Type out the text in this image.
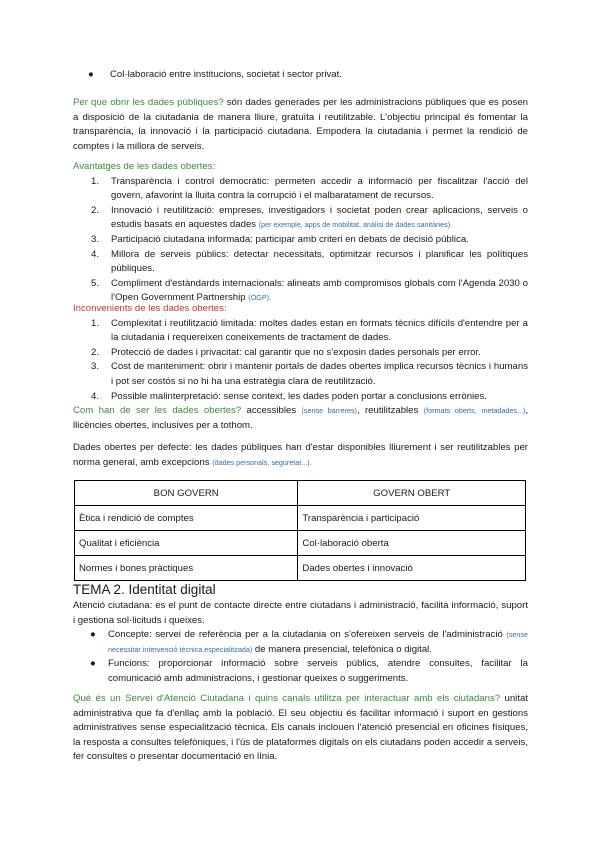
● Col·laboració entre institucions, societat i sector privat.

Per que obrir les dades públiques? són dades generades per les administracions públiques que es posen a disposició de la ciutadania de manera lliure, gratuïta i reutilitzable. L'objectiu principal és fomentar la transparència, la innovació i la participació ciutadana. Empodera la ciutadania i permet la rendició de comptes i la millora de serveis.

Avantatges de les dades obertes:

1. Transparència i control democràtic: permeten accedir a informació per fiscalitzar l'acció del govern, afavorint la lluita contra la corrupció i el malbaratament de recursos.
2. Innovació i reutilització: empreses, investigadors i societat poden crear aplicacions, serveis o estudis basats en aquestes dades (per exemple, apps de mobilitat, anàlisi de dades sanitàries).
3. Participació ciutadana informada: participar amb criteri en debats de decisió pública.
4. Millora de serveis públics: detectar necessitats, optimitzar recursos i planificar les polítiques públiques.
5. Compliment d'estàndards internacionals: alineats amb compromisos globals com l'Agenda 2030 o l'Open Government Partnership (OGP).

Inconvenients de les dades obertes:

1. Complexitat i reutilització limitada: moltes dades estan en formats tècnics difícils d'entendre per a la ciutadania i requereixen coneixements de tractament de dades.
2. Protecció de dades i privacitat: cal garantir que no s'exposin dades personals per error.
3. Cost de manteniment: obrir i mantenir portals de dades obertes implica recursos tècnics i humans i pot ser costós si no hi ha una estratègia clara de reutilització.
4. Possible malinterpretació: sense context, les dades poden portar a conclusions errònies.

Com han de ser les dades obertes? accessibles (sense barreres), reutilitzables (formats oberts, metadades...), llicències obertes, inclusives per a tothom.

Dades obertes per defecte: les dades públiques han d'estar disponibles lliurement i ser reutilitzables per norma general, amb excepcions (dades personals, seguretat...).

BON GOVERN	GOVERN OBERT
Ètica i rendició de comptes	Transparència i participació
Qualitat i eficiència	Col·laboració oberta
Normes i bones pràctiques	Dades obertes i innovació
TEMA 2. Identitat digital

Atenció ciutadana: es el punt de contacte directe entre ciutadans i administració, facilita informació, suport i gestiona sol·licituds i queixes.

● Concepte: servei de referència per a la ciutadania on s'ofereixen serveis de l'administració (sense necessitar intervenció tècnica especialitzada) de manera presencial, telefònica o digital.
● Funcions: proporcionar informació sobre serveis públics, atendre consultes, facilitar la comunicació amb administracions, i gestionar queixes o suggeriments.

Què és un Servei d'Atenció Ciutadana i quins canals utilitza per interactuar amb els ciutadans? unitat administrativa que fa d'enllaç amb la població. El seu objectiu és facilitar informació i suport en gestions administratives sense especialització tècnica. Els canals inclouen l'atenció presencial en oficines físiques, la resposta a consultes telefòniques, i l'ús de plataformes digitals on els ciutadans poden accedir a serveis, fer consultes o presentar documentació en línia.
